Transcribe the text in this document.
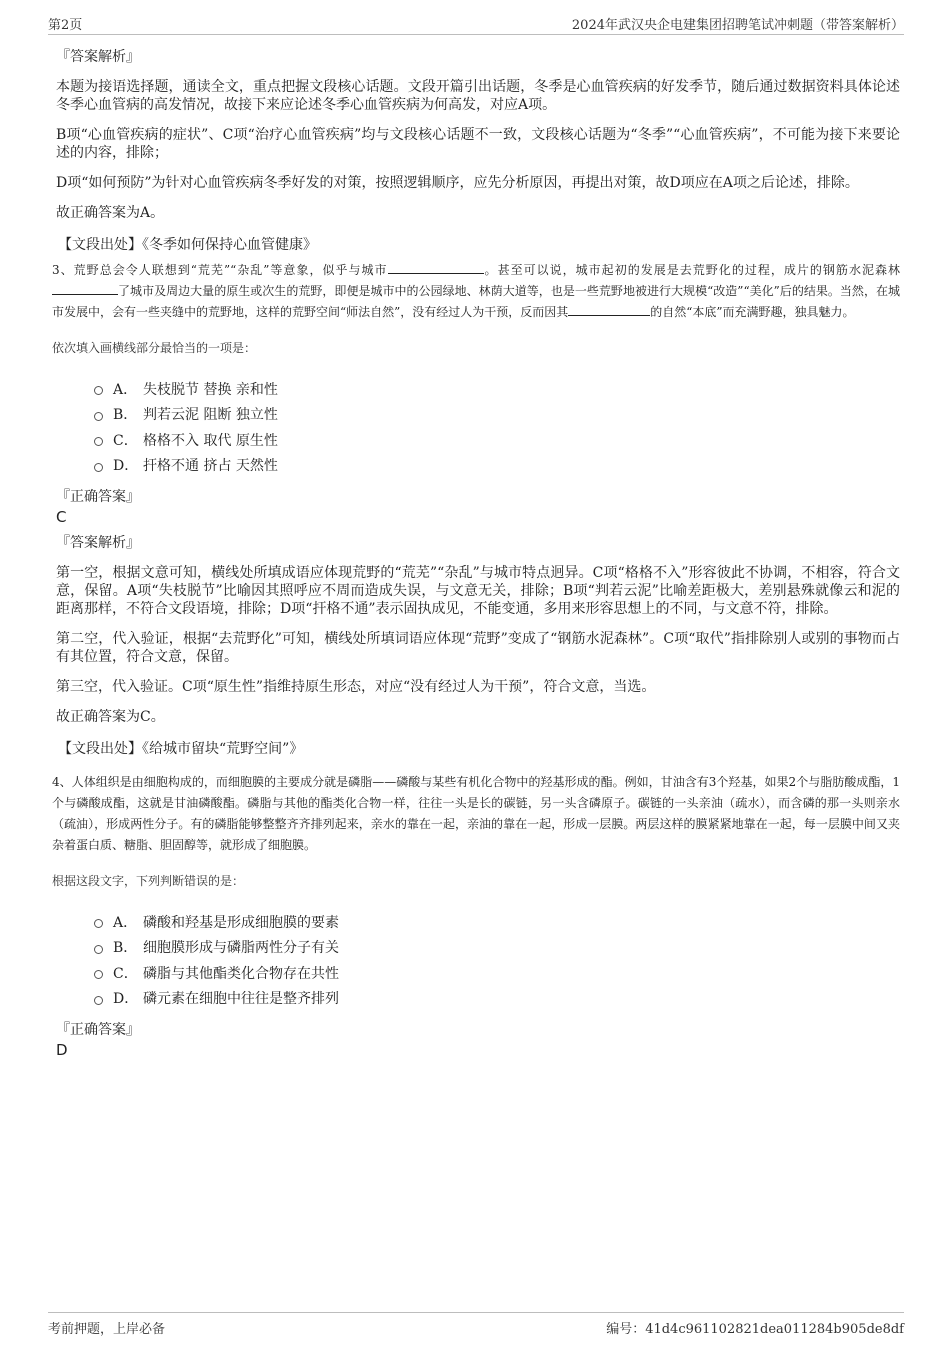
第2页	2024年武汉央企电建集团招聘笔试冲刺题（带答案解析）
『答案解析』

本题为接语选择题，通读全文，重点把握文段核心话题。文段开篇引出话题，冬季是心血管疾病的好发季节，随后通过数据资料具体论述冬季心血管病的高发情况，故接下来应论述冬季心血管疾病为何高发，对应A项。

B项“心血管疾病的症状”、C项“治疗心血管疾病”均与文段核心话题不一致，文段核心话题为“冬季”“心血管疾病”，不可能为接下来要论述的内容，排除；

D项“如何预防”为针对心血管疾病冬季好发的对策，按照逻辑顺序，应先分析原因，再提出对策，故D项应在A项之后论述，排除。

故正确答案为A。

【文段出处】《冬季如何保持心血管健康》
3、荒野总会令人联想到“荒芜”“杂乱”等意象，似乎与城市	。甚至可以说，城市起初的发展是去荒野化的过程，成片的钢筋水泥森林了城市及周边大量的原生或次生的荒野，即便是城市中的公园绿地、林荫大道等，也是一些荒野地被进行大规模“改造”“美化”后的结果。当然，在城市发展中，会有一些夹缝中的荒野地，这样的荒野空间“师法自然”，没有经过人为干预，反而因其	的自然“本底”而充满野趣，独具魅力。
依次填入画横线部分最恰当的一项是：
A． 失枝脱节 替换 亲和性
B． 判若云泥 阻断 独立性
C． 格格不入 取代 原生性
D． 扞格不通 挤占 天然性
『正确答案』
C
『答案解析』

第一空，根据文意可知，横线处所填成语应体现荒野的“荒芜”“杂乱”与城市特点迥异。C项“格格不入”形容彼此不协调，不相容，符合文意，保留。A项“失枝脱节”比喻因其照呼应不周而造成失误，与文意无关，排除；B项“判若云泥”比喻差距极大，差别悬殊就像云和泥的距离那样，不符合文段语境，排除；D项“扞格不通”表示固执成见，不能变通，多用来形容思想上的不同，与文意不符，排除。

第二空，代入验证，根据“去荒野化”可知，横线处所填词语应体现“荒野”变成了“钢筋水泥森林”。C项“取代”指排除别人或别的事物而占有其位置，符合文意，保留。

第三空，代入验证。C项“原生性”指维持原生形态，对应“没有经过人为干预”，符合文意，当选。

故正确答案为C。

【文段出处】《给城市留块“荒野空间”》
4、人体组织是由细胞构成的，而细胞膜的主要成分就是磷脂——磷酸与某些有机化合物中的羟基形成的酯。例如，甘油含有3个羟基，如果2个与脂肪酸成酯，1个与磷酸成酯，这就是甘油磷酸酯。磷脂与其他的酯类化合物一样，往往一头是长的碳链，另一头含磷原子。碳链的一头亲油（疏水），而含磷的那一头则亲水（疏油），形成两性分子。有的磷脂能够整整齐齐排列起来，亲水的靠在一起，亲油的靠在一起，形成一层膜。两层这样的膜紧紧地靠在一起，每一层膜中间又夹杂着蛋白质、糖脂、胆固醇等，就形成了细胞膜。
根据这段文字，下列判断错误的是：
A． 磷酸和羟基是形成细胞膜的要素
B． 细胞膜形成与磷脂两性分子有关
C． 磷脂与其他酯类化合物存在共性
D． 磷元素在细胞中往往是整齐排列
『正确答案』
D
考前押题，上岸必备	编号：41d4c961102821dea011284b905de8df
